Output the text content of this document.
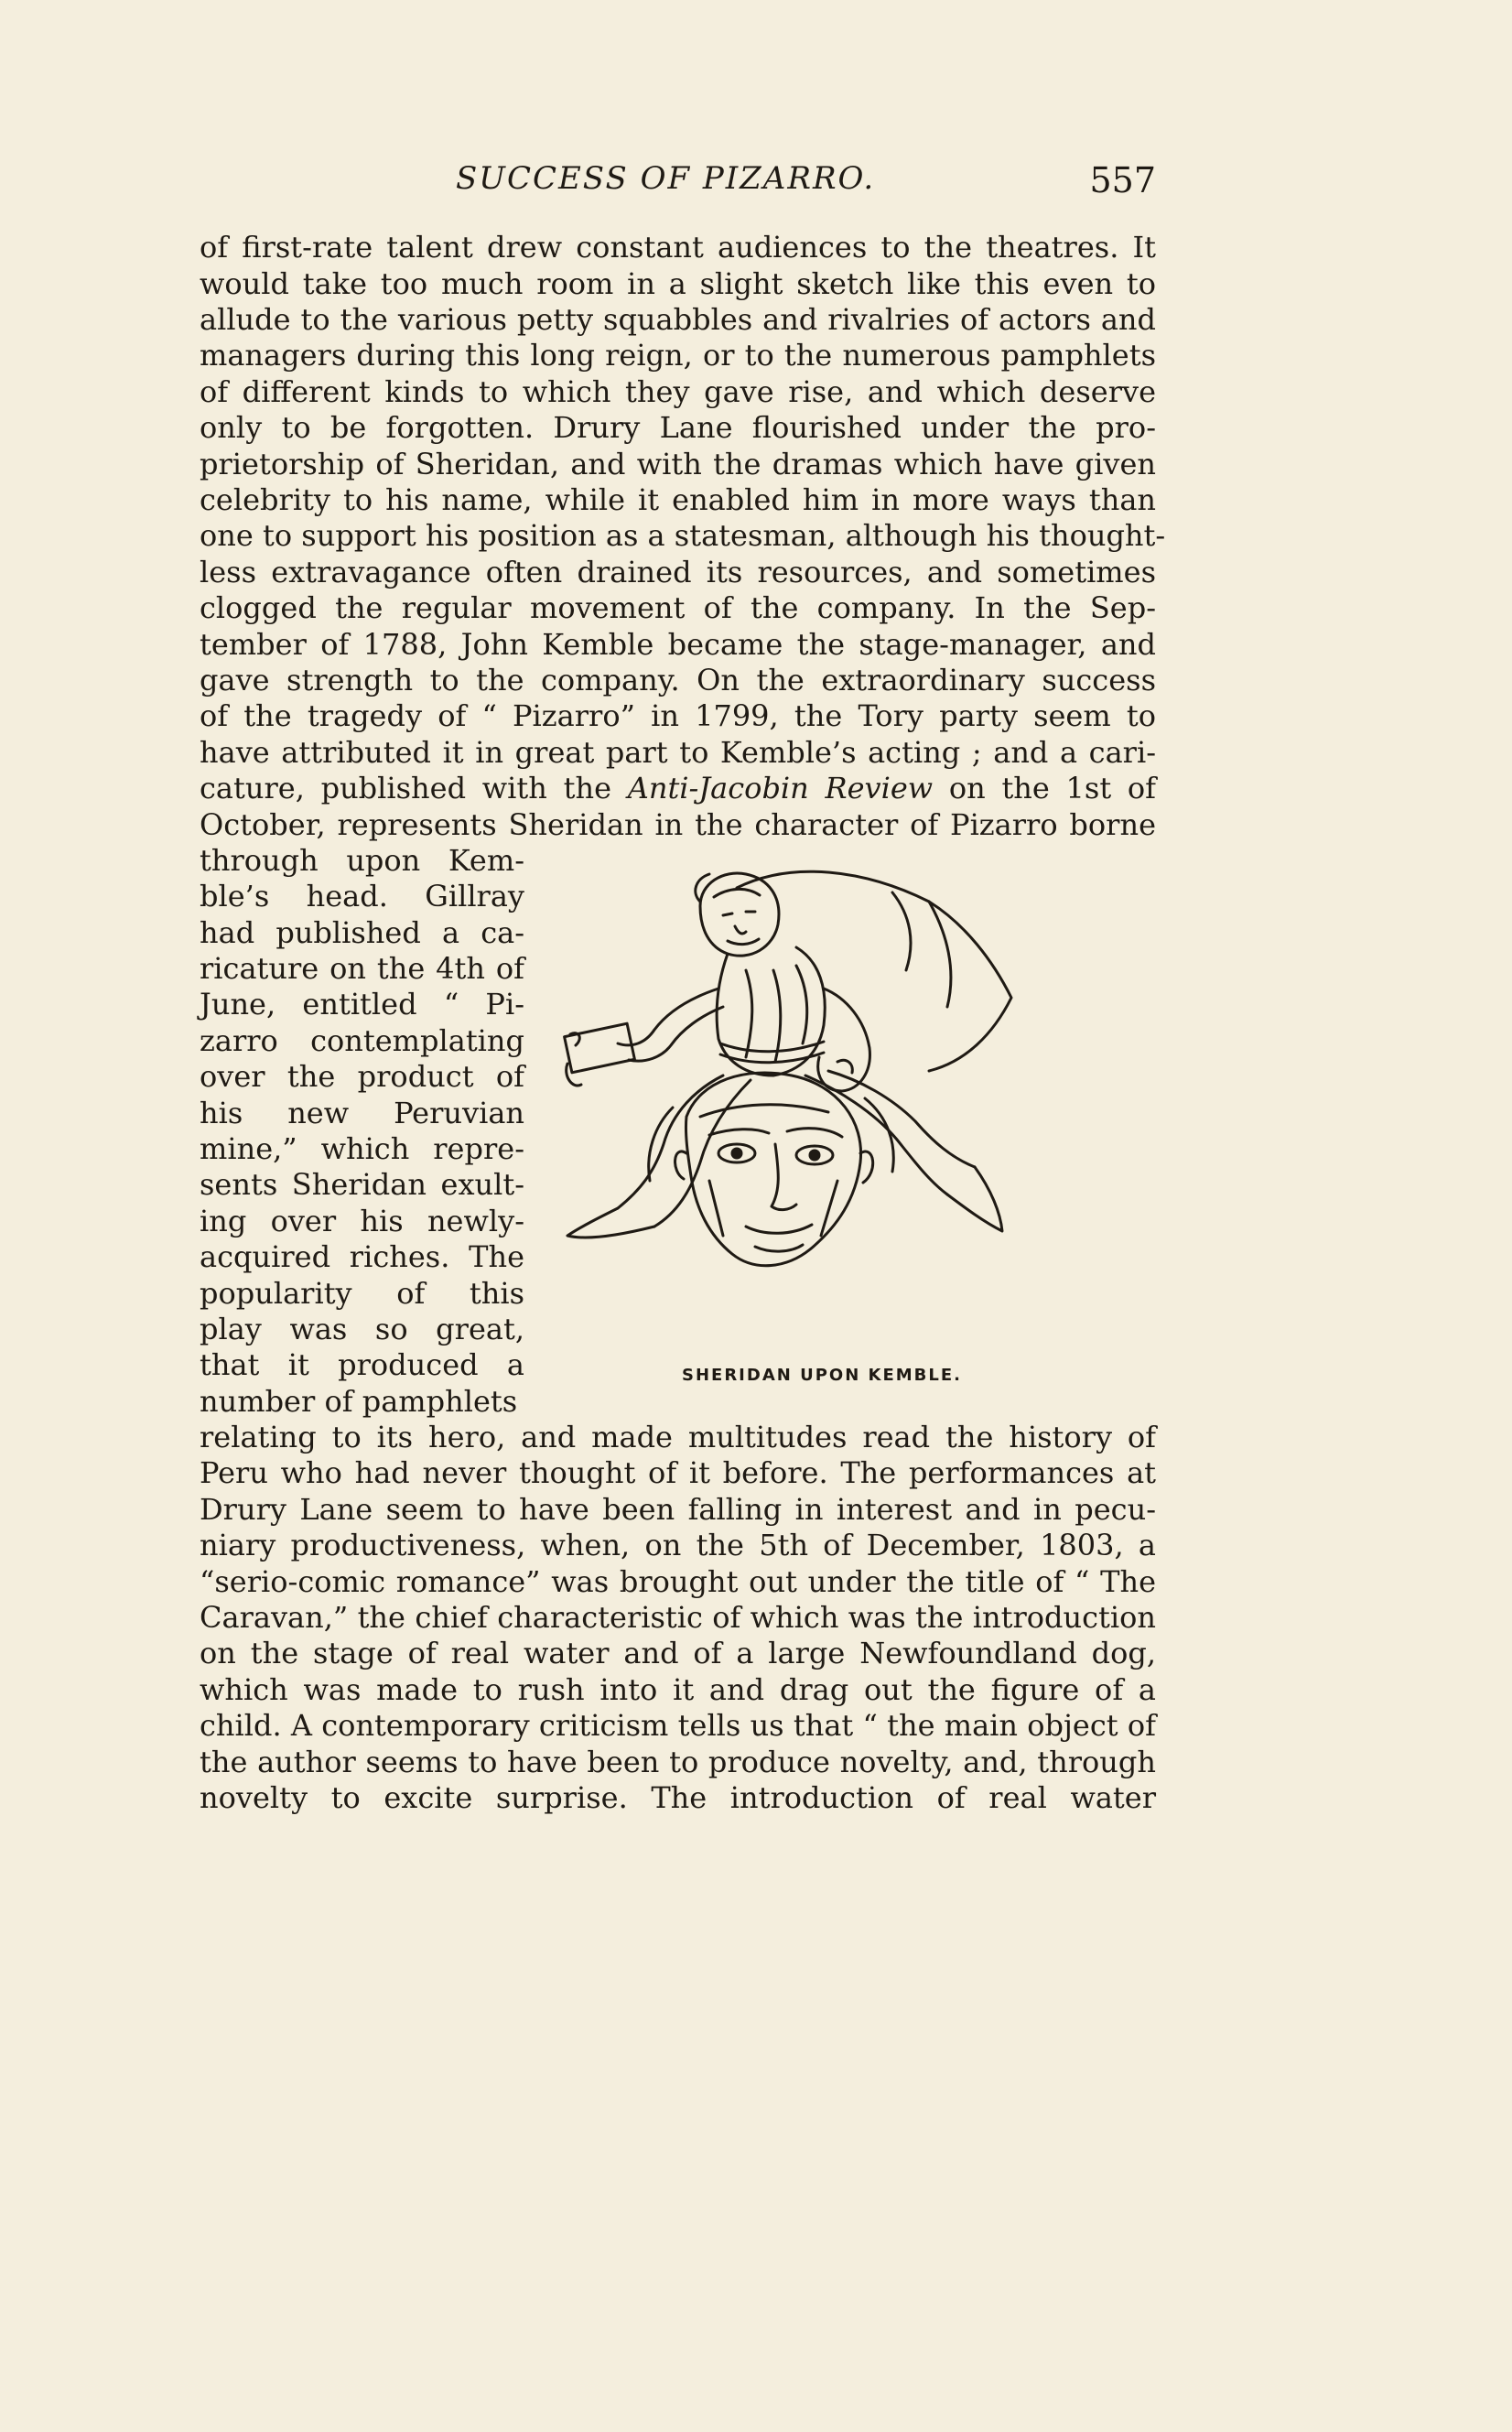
SUCCESS OF PIZARRO.	557
of first-rate talent drew constant audiences to the theatres. It
would take too much room in a slight sketch like this even to
allude to the various petty squabbles and rivalries of actors and
managers during this long reign, or to the numerous pamphlets
of different kinds to which they gave rise, and which deserve
only to be forgotten. Drury Lane flourished under the pro-
prietorship of Sheridan, and with the dramas which have given
celebrity to his name, while it enabled him in more ways than
one to support his position as a statesman, although his thought-
less extravagance often drained its resources, and sometimes
clogged the regular movement of the company. In the Sep-
tember of 1788, John Kemble became the stage-manager, and
gave strength to the company. On the extraordinary success
of the tragedy of “ Pizarro” in 1799, the Tory party seem to
have attributed it in great part to Kemble’s acting ; and a cari-
cature, published with the Anti-Jacobin Review on the 1st of
October, represents Sheridan in the character of Pizarro borne
through upon Kem-
ble’s head. Gillray
had published a ca-
ricature on the 4th of
June, entitled “ Pi-
zarro contemplating
over the product of
his new Peruvian
mine,” which repre-
sents Sheridan exult-
ing over his newly-
acquired riches. The
popularity of this
play was so great,
that it produced a
number of pamphlets
SHERIDAN UPON KEMBLE.
relating to its hero, and made multitudes read the history of
Peru who had never thought of it before. The performances at
Drury Lane seem to have been falling in interest and in pecu-
niary productiveness, when, on the 5th of December, 1803, a
“serio-comic romance” was brought out under the title of “ The
Caravan,” the chief characteristic of which was the introduction
on the stage of real water and of a large Newfoundland dog,
which was made to rush into it and drag out the figure of a
child. A contemporary criticism tells us that “ the main object of
the author seems to have been to produce novelty, and, through
novelty to excite surprise. The introduction of real water
